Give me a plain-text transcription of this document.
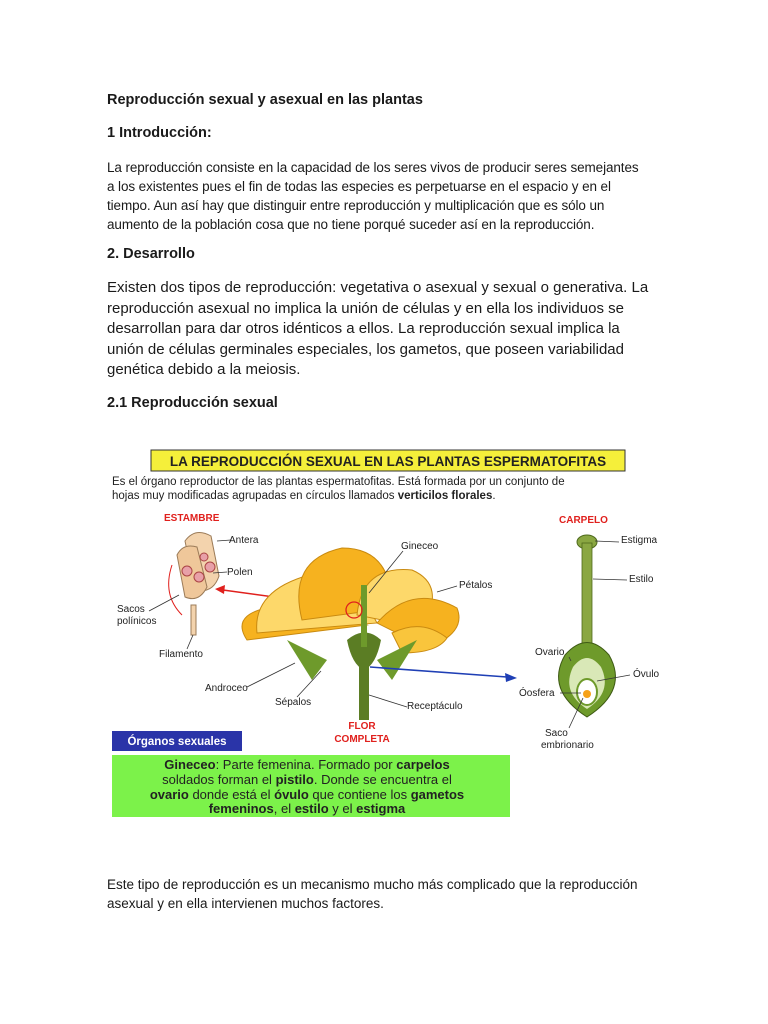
Reproducción sexual y asexual en las plantas
1 Introducción:
La reproducción consiste en la capacidad de los seres vivos de producir seres semejantes
a los existentes pues el fin de todas las especies es perpetuarse en el espacio y en el
tiempo. Aun así hay que distinguir entre reproducción y multiplicación que es sólo un
aumento de la población cosa que no tiene porqué suceder así en la reproducción.
2. Desarrollo
Existen dos tipos de reproducción: vegetativa o asexual y sexual o generativa. La
reproducción asexual no implica la unión de células y en ella los individuos se
desarrollan para dar otros idénticos a ellos. La reproducción sexual implica la
unión de células germinales especiales, los gametos, que poseen variabilidad
genética debido a la meiosis.
2.1 Reproducción sexual
LA REPRODUCCIÓN SEXUAL EN LAS PLANTAS ESPERMATOFITAS
Es el órgano reproductor de las plantas espermatofitas. Está formada por un conjunto de
hojas muy modificadas agrupadas en círculos llamados verticilos florales.
ESTAMBRE
Antera
Polen
Sacos
polínicos
Filamento
Gineceo
Pétalos
Androceo
Sépalos	Receptáculo
FLOR
COMPLETA
CARPELO
Estigma
Estilo
Ovario
Óvulo
Óosfera
Saco
embrionario
Órganos sexuales
Gineceo: Parte femenina. Formado por carpelos
soldados forman el pistilo. Donde se encuentra el
ovario donde está el óvulo que contiene los gametos
femeninos, el estilo y el estigma
Este tipo de reproducción es un mecanismo mucho más complicado que la reproducción
asexual y en ella intervienen muchos factores.
